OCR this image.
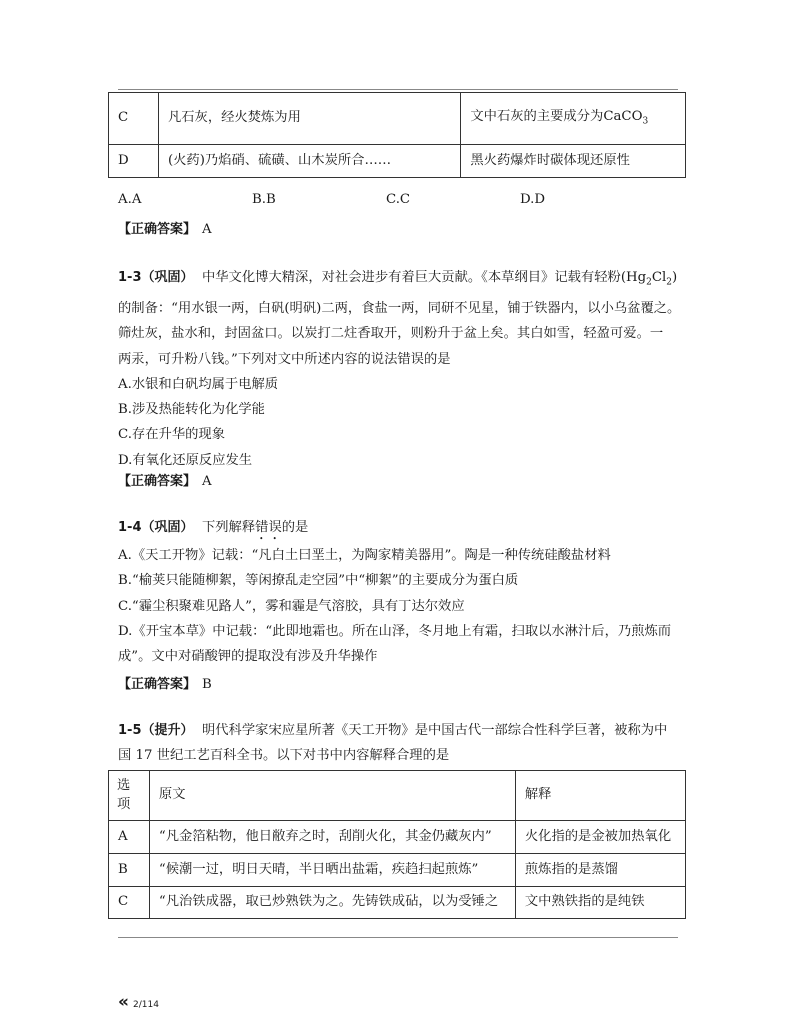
C	凡石灰，经火焚炼为用	文中石灰的主要成分为CaCO$_3$
D	(火药)乃焰硝、硫磺、山木炭所合……	黑火药爆炸时碳体现还原性
A.A	B.B	C.C	D.D
【正确答案】 A

1-3（巩固） 中华文化博大精深，对社会进步有着巨大贡献。《本草纲目》记载有轻粉$(Hg_2Cl_2)$

的制备：“用水银一两，白矾(明矾)二两，食盐一两，同研不见星，铺于铁器内，以小乌盆覆之。

筛灶灰，盐水和，封固盆口。以炭打二炷香取开，则粉升于盆上矣。其白如雪，轻盈可爱。一

两汞，可升粉八钱。”下列对文中所述内容的说法错误的是

A.水银和白矾均属于电解质

B.涉及热能转化为化学能

C.存在升华的现象

D.有氧化还原反应发生

【正确答案】 A

1-4（巩固） 下列解释错误的是

A.《天工开物》记载：“凡白土曰垩土，为陶家精美器用”。陶是一种传统硅酸盐材料

B.“榆荚只能随柳絮，等闲撩乱走空园”中“柳絮”的主要成分为蛋白质

C.“霾尘积聚难见路人”，雾和霾是气溶胶，具有丁达尔效应

D.《开宝本草》中记载：“此即地霜也。所在山泽，冬月地上有霜，扫取以水淋汁后，乃煎炼而

成”。文中对硝酸钾的提取没有涉及升华操作

【正确答案】 B

1-5（提升） 明代科学家宋应星所著《天工开物》是中国古代一部综合性科学巨著，被称为中

国 17 世纪工艺百科全书。以下对书中内容解释合理的是

选
项	原文	解释
A	“凡金箔粘物，他日敝弃之时，刮削火化，其金仍藏灰内”	火化指的是金被加热氧化
B	“候潮一过，明日天晴，半日晒出盐霜，疾趋扫起煎炼”	煎炼指的是蒸馏
C	“凡治铁成器，取已炒熟铁为之。先铸铁成砧，以为受锤之	文中熟铁指的是纯铁
« 2/114
